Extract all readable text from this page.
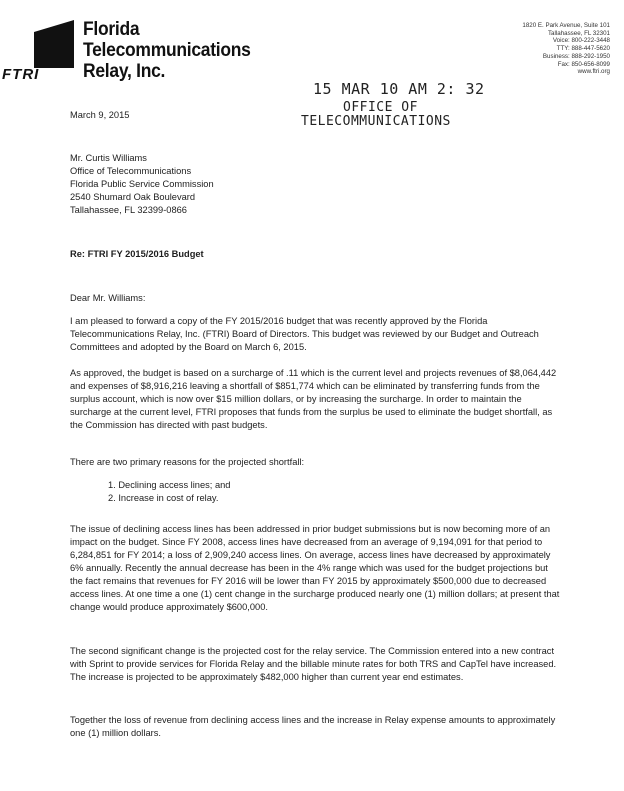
Florida
Telecommunications
Relay, Inc.
FTRI
1820 E. Park Avenue, Suite 101
Tallahassee, FL 32301
Voice: 800-222-3448
TTY: 888-447-5620
Business: 888-292-1950
Fax: 850-656-8099
www.ftri.org
15 MAR 10 AM 2: 32
OFFICE OF
TELECOMMUNICATIONS
March 9, 2015
Mr. Curtis Williams
Office of Telecommunications
Florida Public Service Commission
2540 Shumard Oak Boulevard
Tallahassee, FL 32399-0866
Re: FTRI FY 2015/2016 Budget
Dear Mr. Williams:

I am pleased to forward a copy of the FY 2015/2016 budget that was recently approved by the Florida Telecommunications Relay, Inc. (FTRI) Board of Directors. This budget was reviewed by our Budget and Outreach Committees and adopted by the Board on March 6, 2015.

As approved, the budget is based on a surcharge of .11 which is the current level and projects revenues of $8,064,442 and expenses of $8,916,216 leaving a shortfall of $851,774 which can be eliminated by transferring funds from the surplus account, which is now over $15 million dollars, or by increasing the surcharge. In order to maintain the surcharge at the current level, FTRI proposes that funds from the surplus be used to eliminate the budget shortfall, as the Commission has directed with past budgets.

There are two primary reasons for the projected shortfall:

1. Declining access lines; and
2. Increase in cost of relay.

The issue of declining access lines has been addressed in prior budget submissions but is now becoming more of an impact on the budget. Since FY 2008, access lines have decreased from an average of 9,194,091 for that period to 6,284,851 for FY 2014; a loss of 2,909,240 access lines. On average, access lines have decreased by approximately 6% annually. Recently the annual decrease has been in the 4% range which was used for the budget projections but the fact remains that revenues for FY 2016 will be lower than FY 2015 by approximately $500,000 due to decreased access lines. At one time a one (1) cent change in the surcharge produced nearly one (1) million dollars; at present that change would produce approximately $600,000.

The second significant change is the projected cost for the relay service. The Commission entered into a new contract with Sprint to provide services for Florida Relay and the billable minute rates for both TRS and CapTel have increased. The increase is projected to be approximately $482,000 higher than current year end estimates.

Together the loss of revenue from declining access lines and the increase in Relay expense amounts to approximately one (1) million dollars.
